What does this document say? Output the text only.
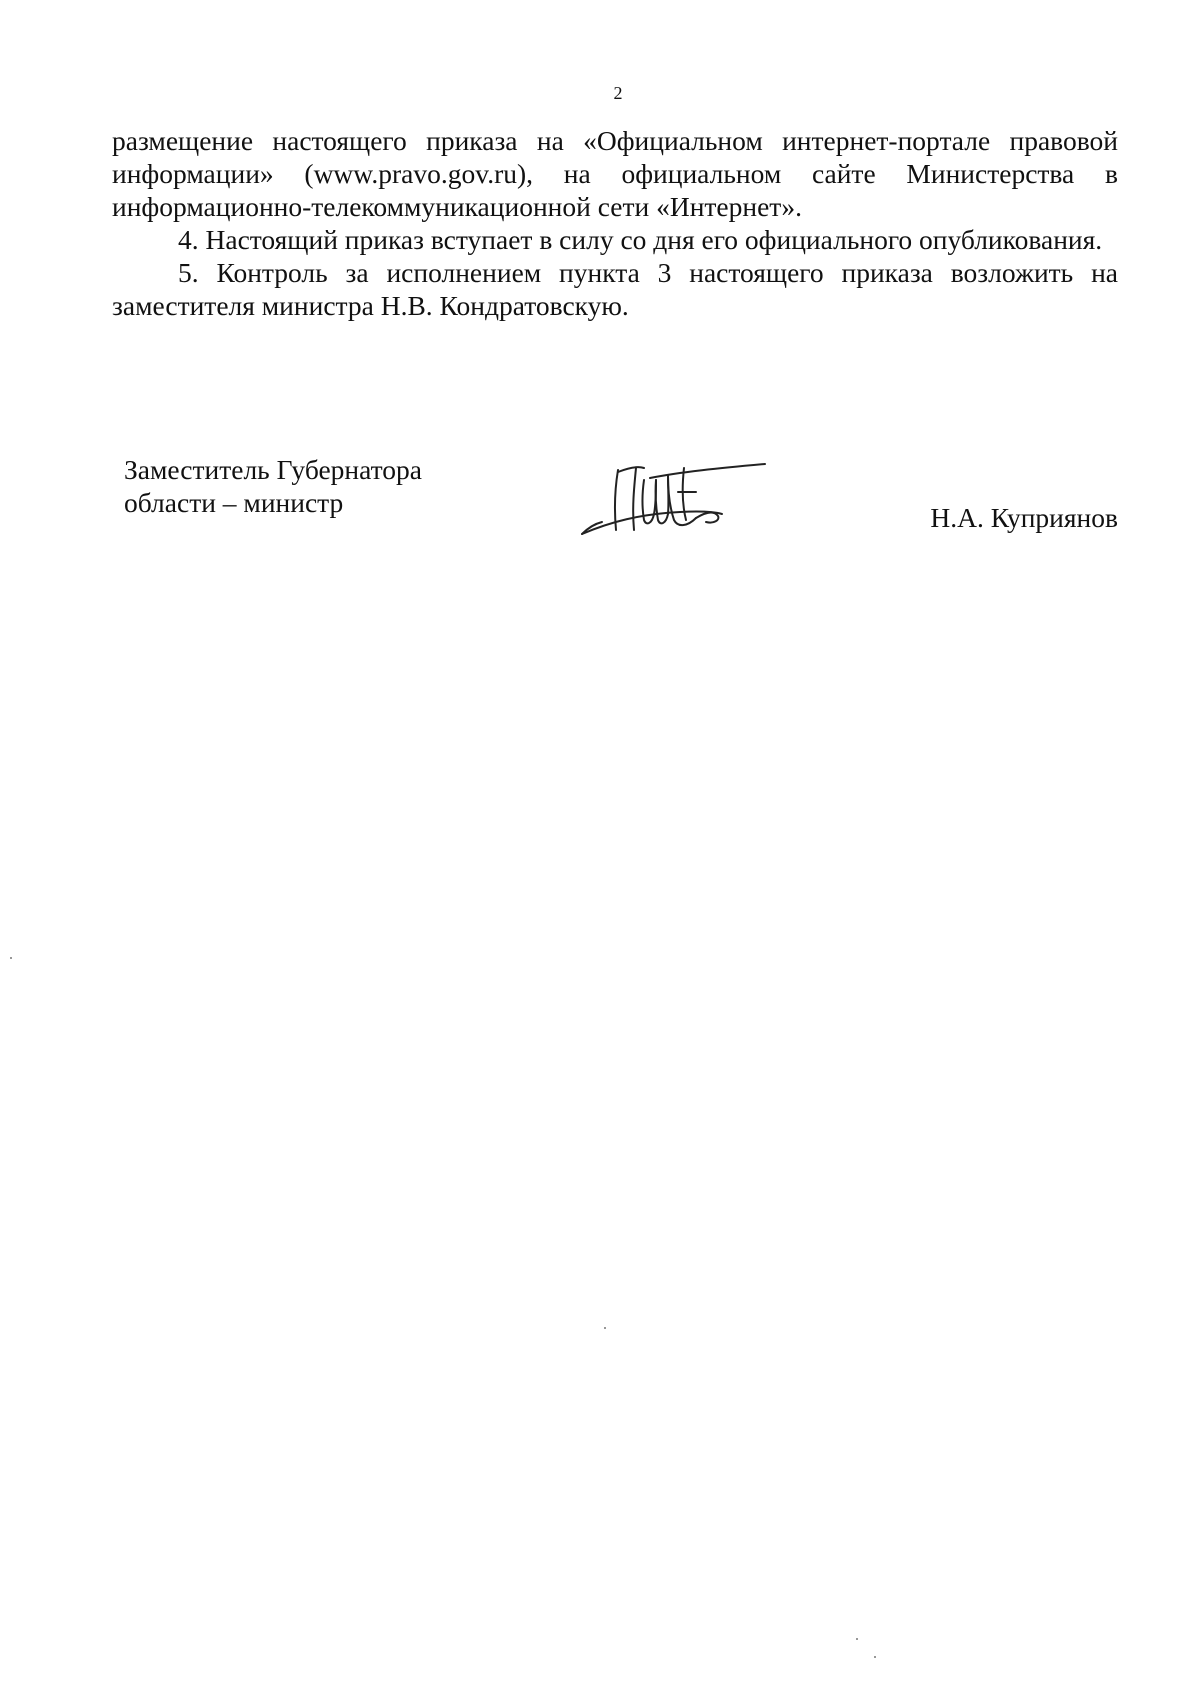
2

размещение настоящего приказа на «Официальном интернет-портале правовой информации» (www.pravo.gov.ru), на официальном сайте Министерства в информационно-телекоммуникационной сети «Интернет».

4. Настоящий приказ вступает в силу со дня его официального опубликования.

5. Контроль за исполнением пункта 3 настоящего приказа возложить на заместителя министра Н.В. Кондратовскую.

Заместитель Губернатора
области – министр	Н.А. Куприянов
